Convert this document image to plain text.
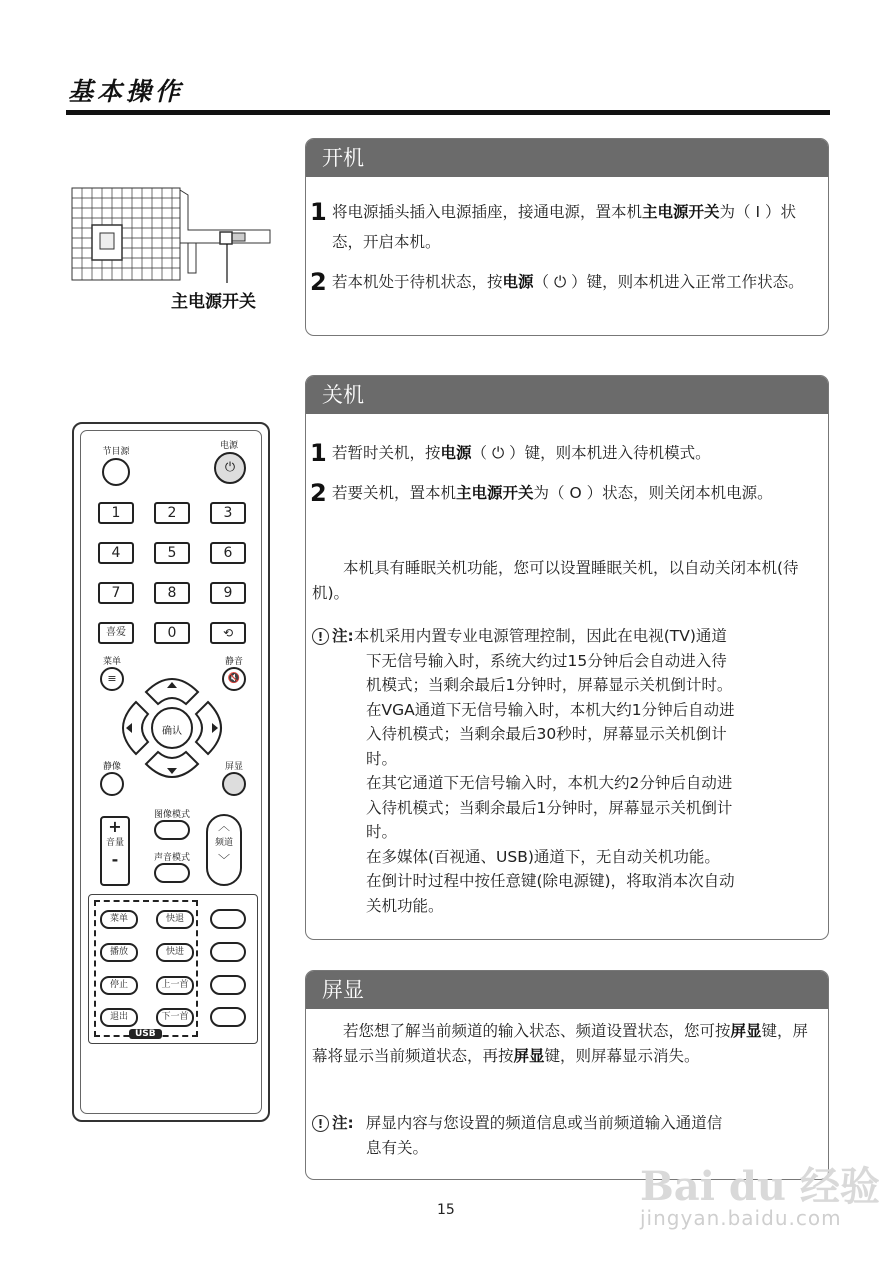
基本操作
主电源开关
开机
1 将电源插头插入电源插座，接通电源，置本机主电源开关为（ I ）状态，开启本机。
2 若本机处于待机状态，按电源（ ⏻ ）键，则本机进入正常工作状态。
关机
1 若暂时关机，按电源（ ⏻ ）键，则本机进入待机模式。
2 若要关机，置本机主电源开关为（ O ）状态，则关闭本机电源。
本机具有睡眠关机功能，您可以设置睡眠关机，以自动关闭本机(待机)。
! 注: 本机采用内置专业电源管理控制，因此在电视(TV)通道
下无信号输入时，系统大约过15分钟后会自动进入待
机模式；当剩余最后1分钟时，屏幕显示关机倒计时。
在VGA通道下无信号输入时，本机大约1分钟后自动进
入待机模式；当剩余最后30秒时，屏幕显示关机倒计
时。
在其它通道下无信号输入时，本机大约2分钟后自动进
入待机模式；当剩余最后1分钟时，屏幕显示关机倒计
时。
在多媒体(百视通、USB)通道下，无自动关机功能。
在倒计时过程中按任意键(除电源键)，将取消本次自动
关机功能。
屏显
若您想了解当前频道的输入状态、频道设置状态，您可按屏显键，屏幕将显示当前频道状态，再按屏显键，则屏幕显示消失。
! 注: 屏显内容与您设置的频道信息或当前频道输入通道信
息有关。
节目源
电源
⏻
1	2	3
4	5	6
7	8	9
喜爱	0	⟲
菜单
≡
静音
🔇
确认
静像	屏显
图像模式
声音模式
+
音量
-
︿
频道
﹀
USB
菜单	快退
播放	快进
停止	上一首
退出	下一首
15	Bai du 经验
jingyan.baidu.com
